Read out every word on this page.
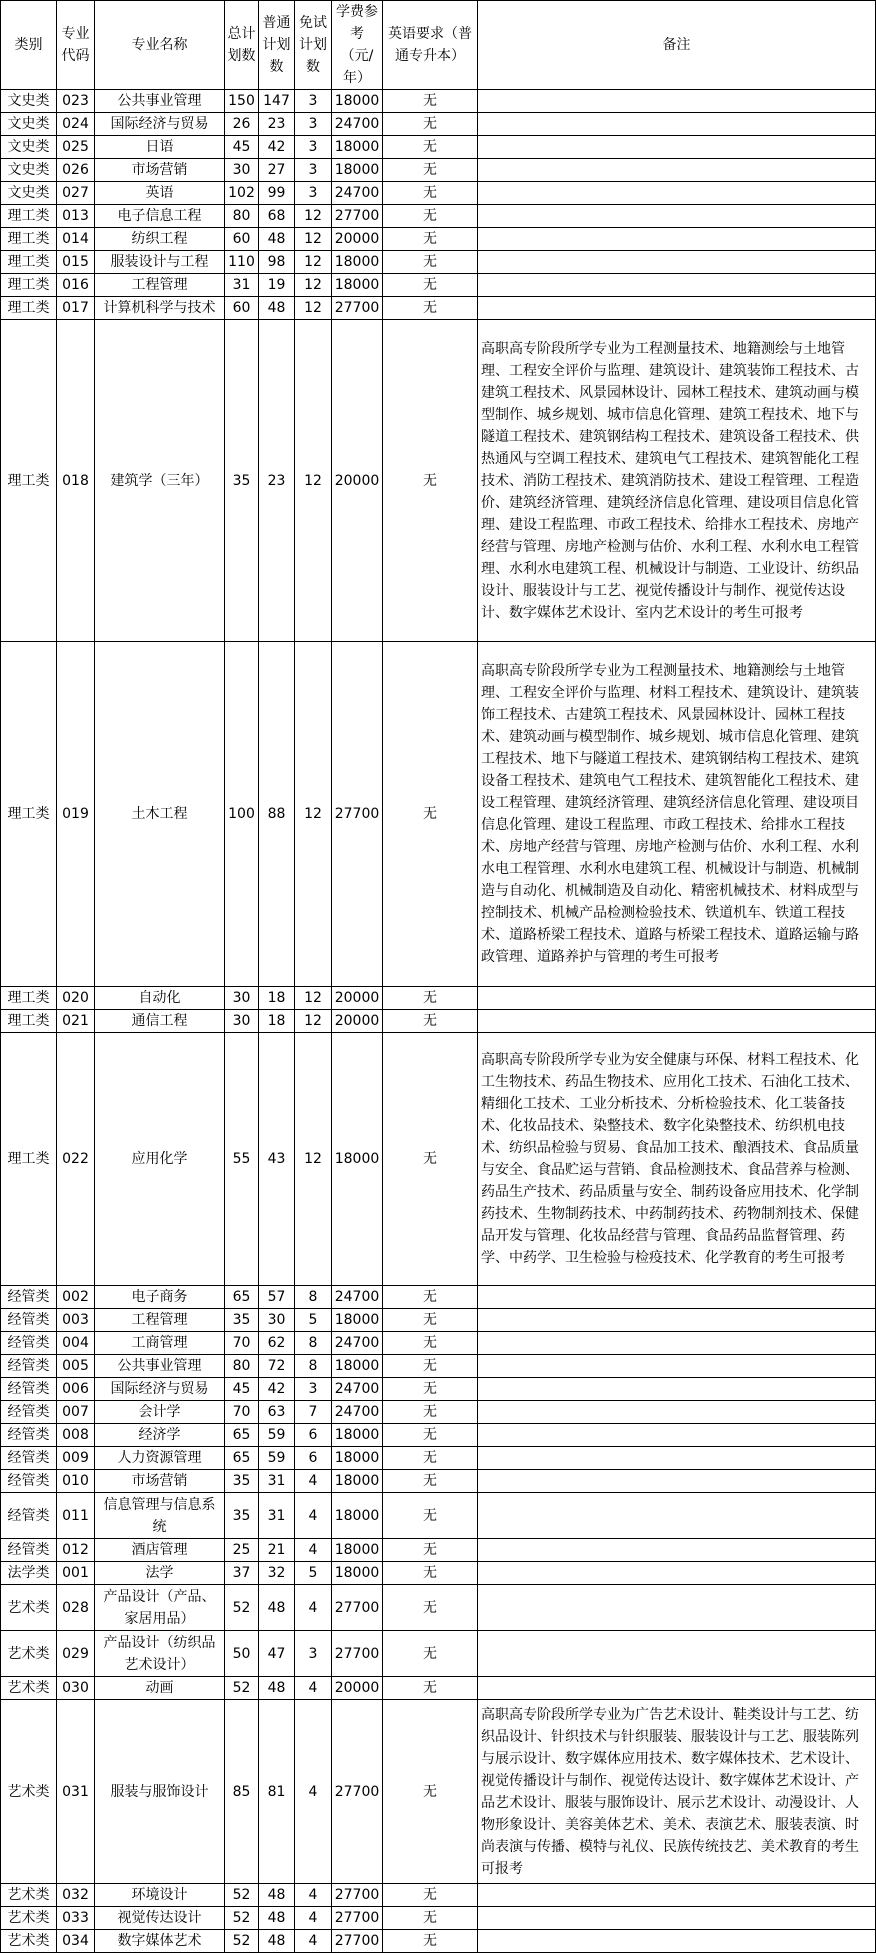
类别	专业代码	专业名称	总计划数	普通计划数	免试计划数	学费参考（元/年）	英语要求（普通专升本）	备注
文史类	023	公共事业管理	150	147	3	18000	无	
文史类	024	国际经济与贸易	26	23	3	24700	无	
文史类	025	日语	45	42	3	18000	无	
文史类	026	市场营销	30	27	3	18000	无	
文史类	027	英语	102	99	3	24700	无	
理工类	013	电子信息工程	80	68	12	27700	无	
理工类	014	纺织工程	60	48	12	20000	无	
理工类	015	服装设计与工程	110	98	12	18000	无	
理工类	016	工程管理	31	19	12	18000	无	
理工类	017	计算机科学与技术	60	48	12	27700	无	
理工类	018	建筑学（三年）	35	23	12	20000	无	高职高专阶段所学专业为工程测量技术、地籍测绘与土地管理、工程安全评价与监理、建筑设计、建筑装饰工程技术、古建筑工程技术、风景园林设计、园林工程技术、建筑动画与模型制作、城乡规划、城市信息化管理、建筑工程技术、地下与隧道工程技术、建筑钢结构工程技术、建筑设备工程技术、供热通风与空调工程技术、建筑电气工程技术、建筑智能化工程技术、消防工程技术、建筑消防技术、建设工程管理、工程造价、建筑经济管理、建筑经济信息化管理、建设项目信息化管理、建设工程监理、市政工程技术、给排水工程技术、房地产经营与管理、房地产检测与估价、水利工程、水利水电工程管理、水利水电建筑工程、机械设计与制造、工业设计、纺织品设计、服装设计与工艺、视觉传播设计与制作、视觉传达设计、数字媒体艺术设计、室内艺术设计的考生可报考
理工类	019	土木工程	100	88	12	27700	无	高职高专阶段所学专业为工程测量技术、地籍测绘与土地管理、工程安全评价与监理、材料工程技术、建筑设计、建筑装饰工程技术、古建筑工程技术、风景园林设计、园林工程技术、建筑动画与模型制作、城乡规划、城市信息化管理、建筑工程技术、地下与隧道工程技术、建筑钢结构工程技术、建筑设备工程技术、建筑电气工程技术、建筑智能化工程技术、建设工程管理、建筑经济管理、建筑经济信息化管理、建设项目信息化管理、建设工程监理、市政工程技术、给排水工程技术、房地产经营与管理、房地产检测与估价、水利工程、水利水电工程管理、水利水电建筑工程、机械设计与制造、机械制造与自动化、机械制造及自动化、精密机械技术、材料成型与控制技术、机械产品检测检验技术、铁道机车、铁道工程技术、道路桥梁工程技术、道路与桥梁工程技术、道路运输与路政管理、道路养护与管理的考生可报考
理工类	020	自动化	30	18	12	20000	无	
理工类	021	通信工程	30	18	12	20000	无	
理工类	022	应用化学	55	43	12	18000	无	高职高专阶段所学专业为安全健康与环保、材料工程技术、化工生物技术、药品生物技术、应用化工技术、石油化工技术、精细化工技术、工业分析技术、分析检验技术、化工装备技术、化妆品技术、染整技术、数字化染整技术、纺织机电技术、纺织品检验与贸易、食品加工技术、酿酒技术、食品质量与安全、食品贮运与营销、食品检测技术、食品营养与检测、药品生产技术、药品质量与安全、制药设备应用技术、化学制药技术、生物制药技术、中药制药技术、药物制剂技术、保健品开发与管理、化妆品经营与管理、食品药品监督管理、药学、中药学、卫生检验与检疫技术、化学教育的考生可报考
经管类	002	电子商务	65	57	8	24700	无	
经管类	003	工程管理	35	30	5	18000	无	
经管类	004	工商管理	70	62	8	24700	无	
经管类	005	公共事业管理	80	72	8	18000	无	
经管类	006	国际经济与贸易	45	42	3	24700	无	
经管类	007	会计学	70	63	7	24700	无	
经管类	008	经济学	65	59	6	18000	无	
经管类	009	人力资源管理	65	59	6	18000	无	
经管类	010	市场营销	35	31	4	18000	无	
经管类	011	信息管理与信息系统	35	31	4	18000	无	
经管类	012	酒店管理	25	21	4	18000	无	
法学类	001	法学	37	32	5	18000	无	
艺术类	028	产品设计（产品、家居用品）	52	48	4	27700	无	
艺术类	029	产品设计（纺织品艺术设计）	50	47	3	27700	无	
艺术类	030	动画	52	48	4	20000	无	
艺术类	031	服装与服饰设计	85	81	4	27700	无	高职高专阶段所学专业为广告艺术设计、鞋类设计与工艺、纺织品设计、针织技术与针织服装、服装设计与工艺、服装陈列与展示设计、数字媒体应用技术、数字媒体技术、艺术设计、视觉传播设计与制作、视觉传达设计、数字媒体艺术设计、产品艺术设计、服装与服饰设计、展示艺术设计、动漫设计、人物形象设计、美容美体艺术、美术、表演艺术、服装表演、时尚表演与传播、模特与礼仪、民族传统技艺、美术教育的考生可报考
艺术类	032	环境设计	52	48	4	27700	无	
艺术类	033	视觉传达设计	52	48	4	27700	无	
艺术类	034	数字媒体艺术	52	48	4	27700	无	
